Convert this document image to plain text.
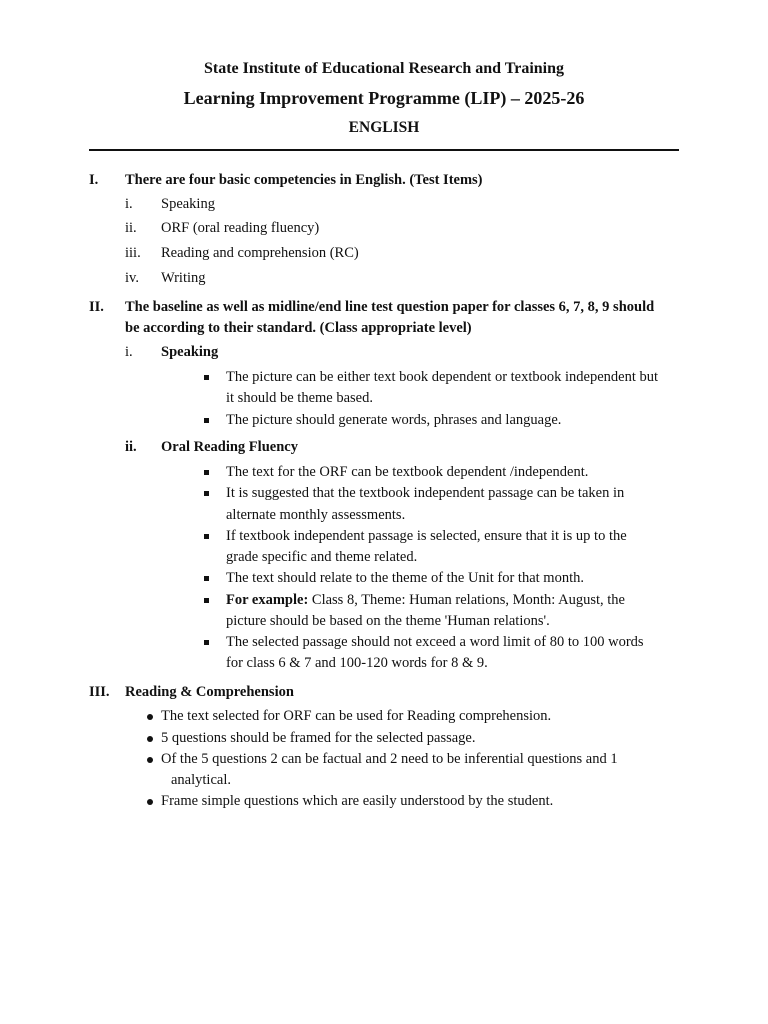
State Institute of Educational Research and Training
Learning Improvement Programme (LIP) – 2025-26
ENGLISH
I. There are four basic competencies in English. (Test Items)
i. Speaking
ii. ORF (oral reading fluency)
iii. Reading and comprehension (RC)
iv. Writing
II. The baseline as well as midline/end line test question paper for classes 6, 7, 8, 9 should
be according to their standard. (Class appropriate level)
i. Speaking
The picture can be either text book dependent or textbook independent but
it should be theme based.
The picture should generate words, phrases and language.
ii. Oral Reading Fluency
The text for the ORF can be textbook dependent /independent.
It is suggested that the textbook independent passage can be taken in
alternate monthly assessments.
If textbook independent passage is selected, ensure that it is up to the
grade specific and theme related.
The text should relate to the theme of the Unit for that month.
For example: Class 8, Theme: Human relations, Month: August, the
picture should be based on the theme 'Human relations'.
The selected passage should not exceed a word limit of 80 to 100 words
for class 6 & 7 and 100-120 words for 8 & 9.
III. Reading & Comprehension
The text selected for ORF can be used for Reading comprehension.
5 questions should be framed for the selected passage.
Of the 5 questions 2 can be factual and 2 need to be inferential questions and 1
analytical.
Frame simple questions which are easily understood by the student.
